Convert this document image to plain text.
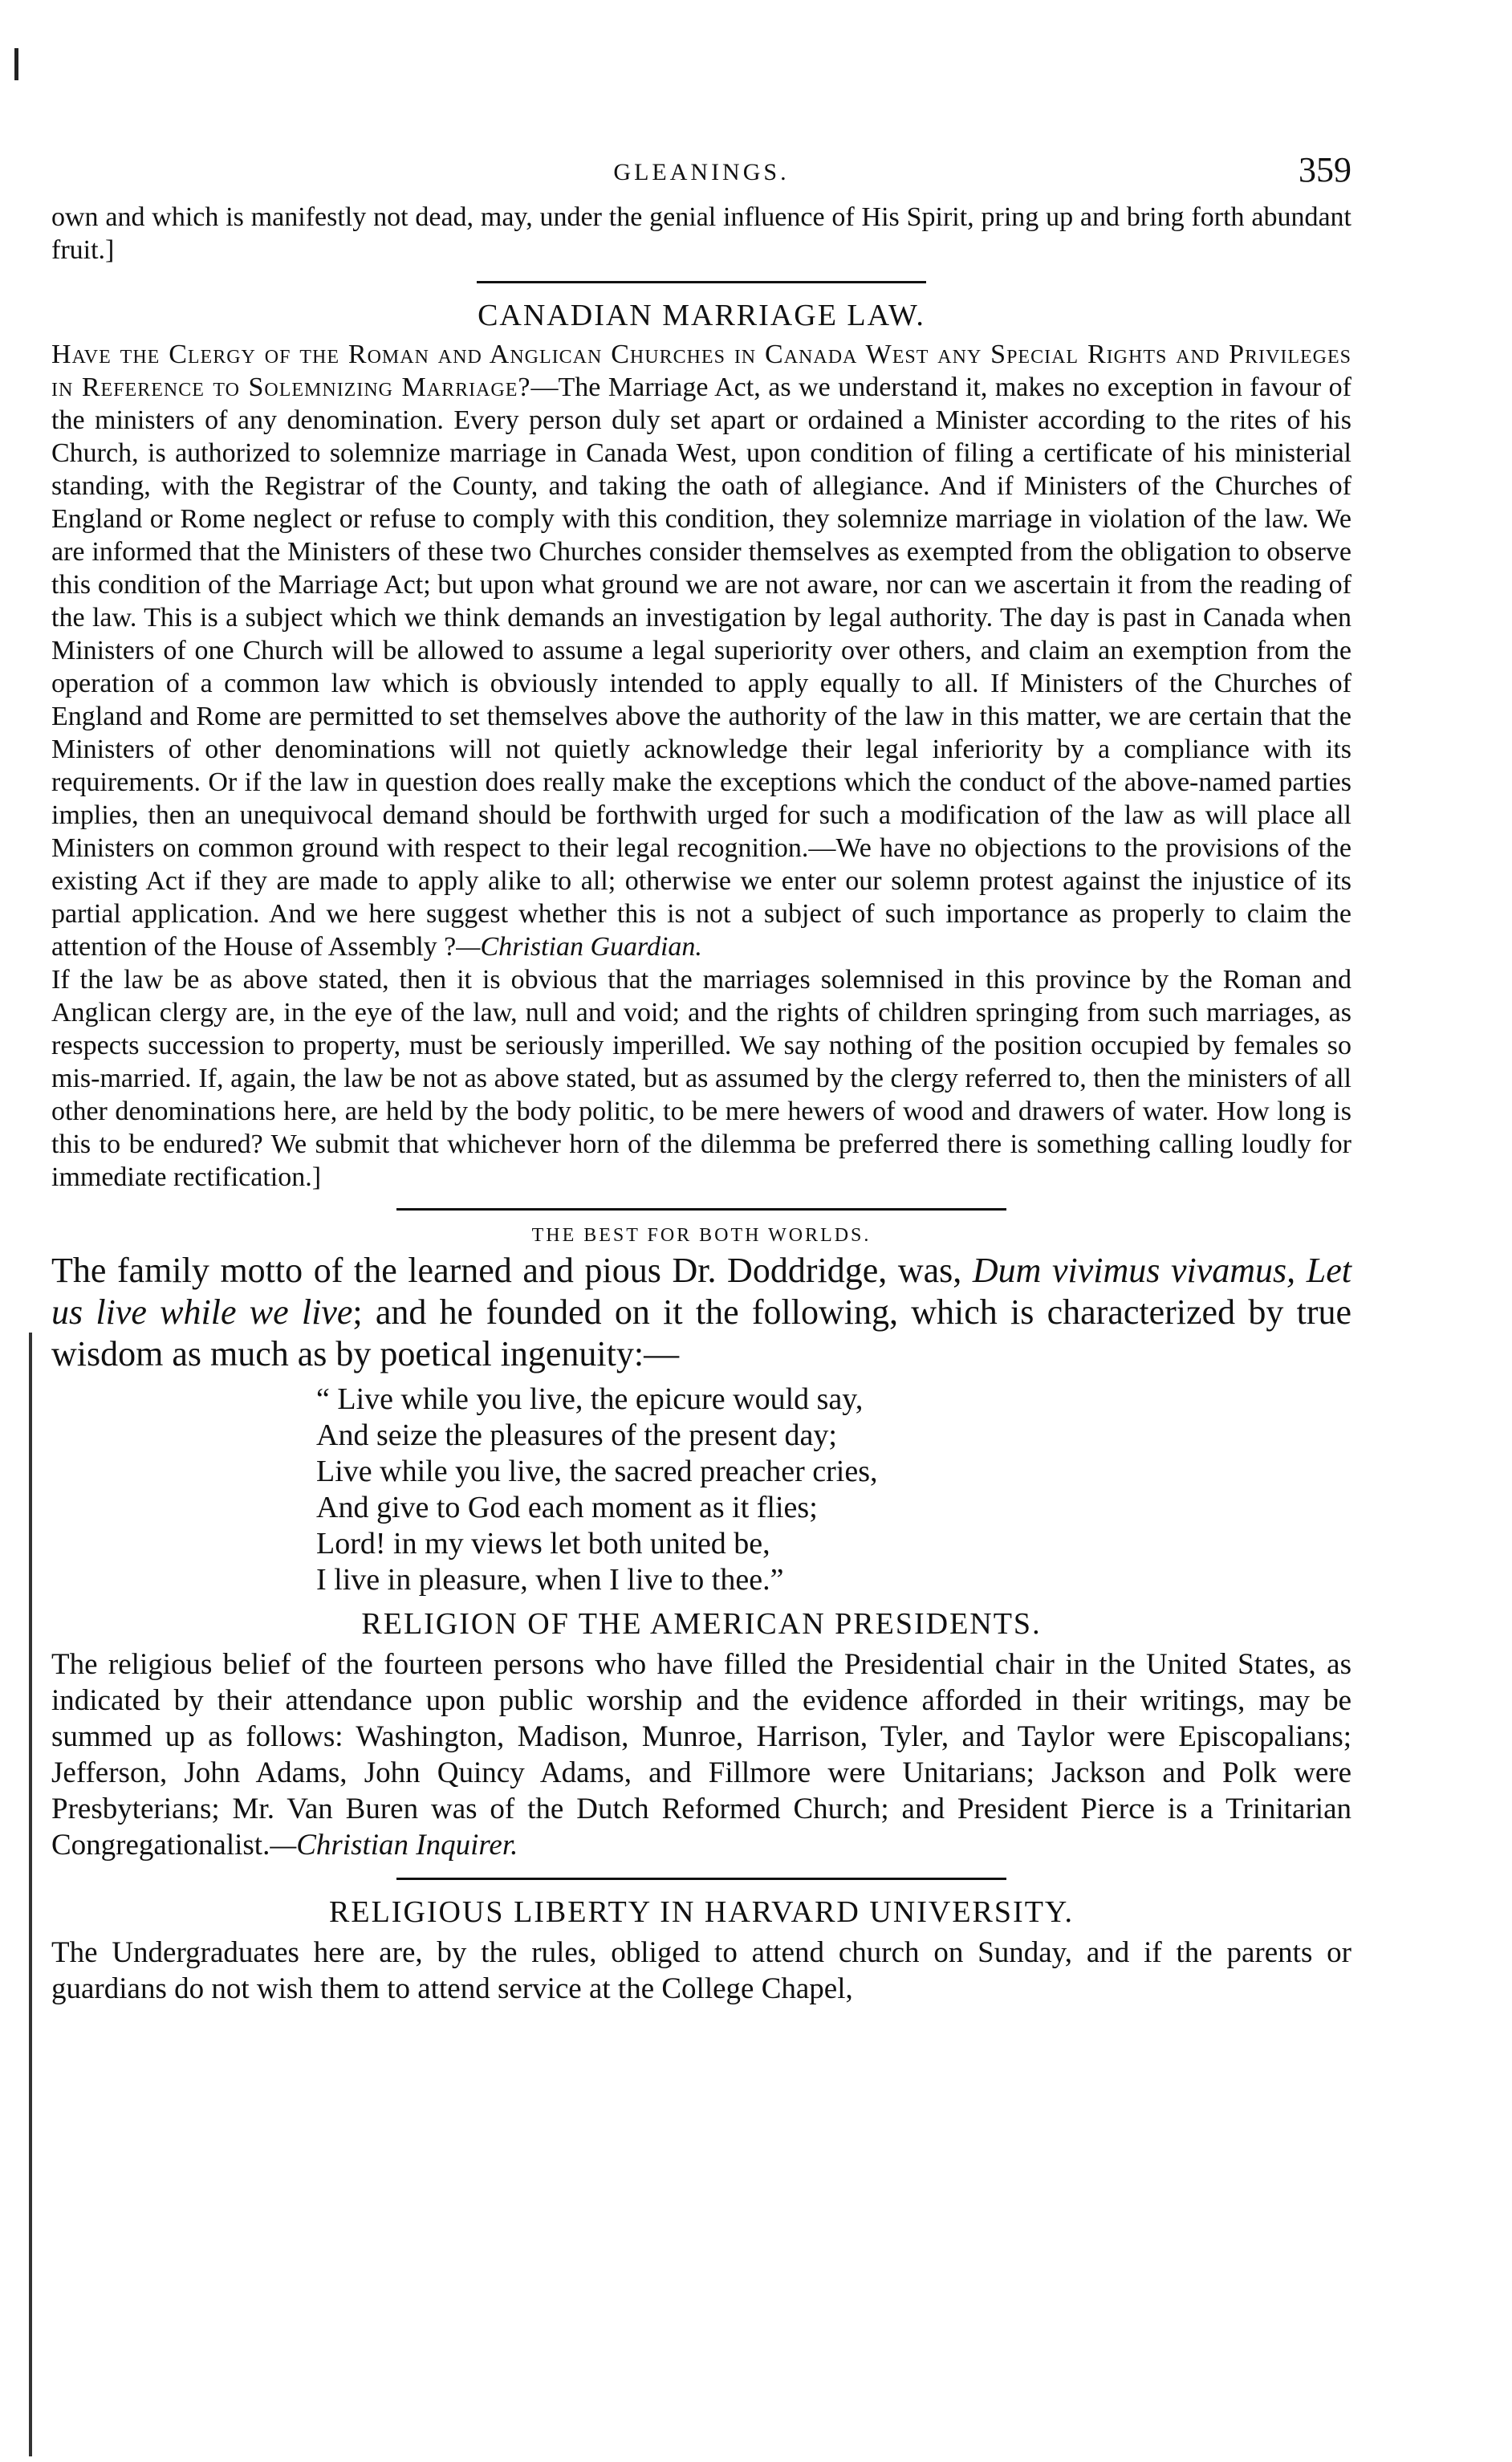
GLEANINGS.	359

own and which is manifestly not dead, may, under the genial influence of His Spirit, pring up and bring forth abundant fruit.]

CANADIAN MARRIAGE LAW.

Have the Clergy of the Roman and Anglican Churches in Canada West any Special Rights and Privileges in Reference to Solemnizing Marriage?—The Marriage Act, as we understand it, makes no exception in favour of the ministers of any denomination. Every person duly set apart or ordained a Minister according to the rites of his Church, is authorized to solemnize marriage in Canada West, upon condition of filing a certificate of his ministerial standing, with the Registrar of the County, and taking the oath of allegiance. And if Ministers of the Churches of England or Rome neglect or refuse to comply with this condition, they solemnize marriage in violation of the law. We are informed that the Ministers of these two Churches consider themselves as exempted from the obligation to observe this condition of the Marriage Act; but upon what ground we are not aware, nor can we ascertain it from the reading of the law. This is a subject which we think demands an investigation by legal authority. The day is past in Canada when Ministers of one Church will be allowed to assume a legal superiority over others, and claim an exemption from the operation of a common law which is obviously intended to apply equally to all. If Ministers of the Churches of England and Rome are permitted to set themselves above the authority of the law in this matter, we are certain that the Ministers of other denominations will not quietly acknowledge their legal inferiority by a compliance with its requirements. Or if the law in question does really make the exceptions which the conduct of the above-named parties implies, then an unequivocal demand should be forthwith urged for such a modification of the law as will place all Ministers on common ground with respect to their legal recognition.—We have no objections to the provisions of the existing Act if they are made to apply alike to all; otherwise we enter our solemn protest against the injustice of its partial application. And we here suggest whether this is not a subject of such importance as properly to claim the attention of the House of Assembly ?—Christian Guardian.

If the law be as above stated, then it is obvious that the marriages solemnised in this province by the Roman and Anglican clergy are, in the eye of the law, null and void; and the rights of children springing from such marriages, as respects succession to property, must be seriously imperilled. We say nothing of the position occupied by females so mis-married. If, again, the law be not as above stated, but as assumed by the clergy referred to, then the ministers of all other denominations here, are held by the body politic, to be mere hewers of wood and drawers of water. How long is this to be endured? We submit that whichever horn of the dilemma be preferred there is something calling loudly for immediate rectification.]

THE BEST FOR BOTH WORLDS.

The family motto of the learned and pious Dr. Doddridge, was, Dum vivimus vivamus, Let us live while we live; and he founded on it the following, which is characterized by true wisdom as much as by poetical ingenuity:—

“ Live while you live, the epicure would say,
And seize the pleasures of the present day;
Live while you live, the sacred preacher cries,
And give to God each moment as it flies;
Lord! in my views let both united be,
I live in pleasure, when I live to thee.”
RELIGION OF THE AMERICAN PRESIDENTS.

The religious belief of the fourteen persons who have filled the Presidential chair in the United States, as indicated by their attendance upon public worship and the evidence afforded in their writings, may be summed up as follows: Washington, Madison, Munroe, Harrison, Tyler, and Taylor were Episcopalians; Jefferson, John Adams, John Quincy Adams, and Fillmore were Unitarians; Jackson and Polk were Presbyterians; Mr. Van Buren was of the Dutch Reformed Church; and President Pierce is a Trinitarian Congregationalist.—Christian Inquirer.

RELIGIOUS LIBERTY IN HARVARD UNIVERSITY.

The Undergraduates here are, by the rules, obliged to attend church on Sunday, and if the parents or guardians do not wish them to attend service at the College Chapel,
